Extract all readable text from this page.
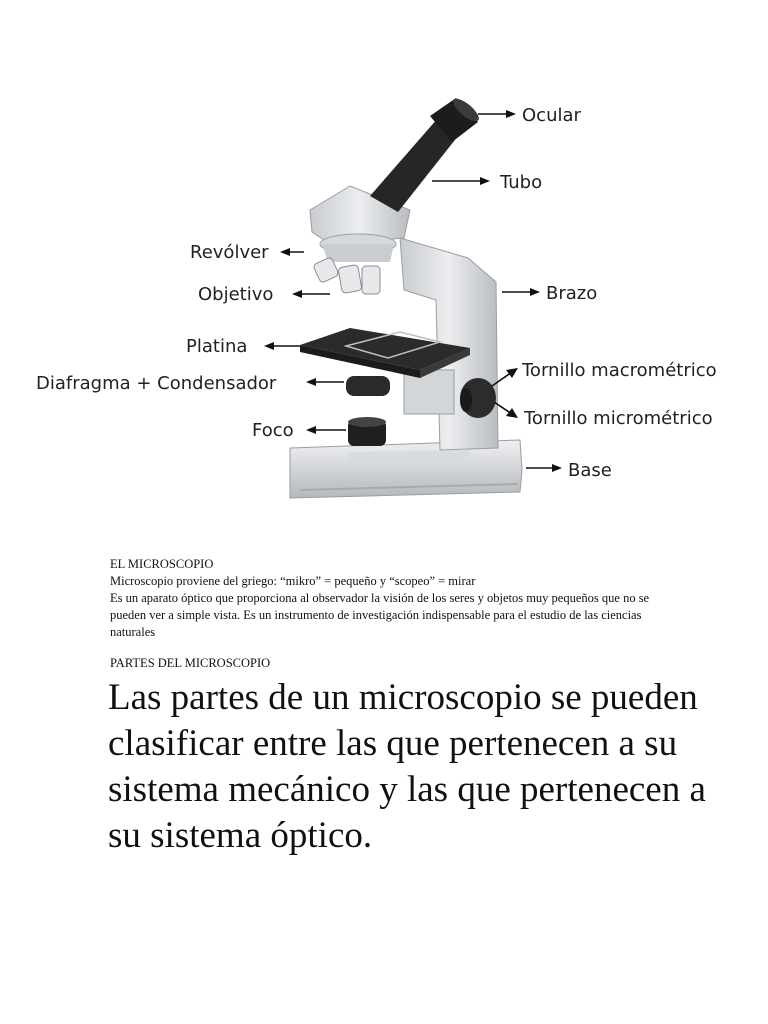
Ocular
Tubo
Revólver
Objetivo	Brazo
Platina
Diafragma + Condensador
Tornillo macrométrico
Tornillo micrométrico
Foco
Base

EL MICROSCOPIO

Microscopio proviene del griego: “mikro” = pequeño y “scopeo” = mirar

Es un aparato óptico que proporciona al observador la visión de los seres y objetos muy pequeños que no se pueden ver a simple vista. Es un instrumento de investigación indispensable para el estudio de las ciencias naturales

PARTES DEL MICROSCOPIO

Las partes de un microscopio se pueden clasificar entre las que pertenecen a su sistema mecánico y las que pertenecen a su sistema óptico.
